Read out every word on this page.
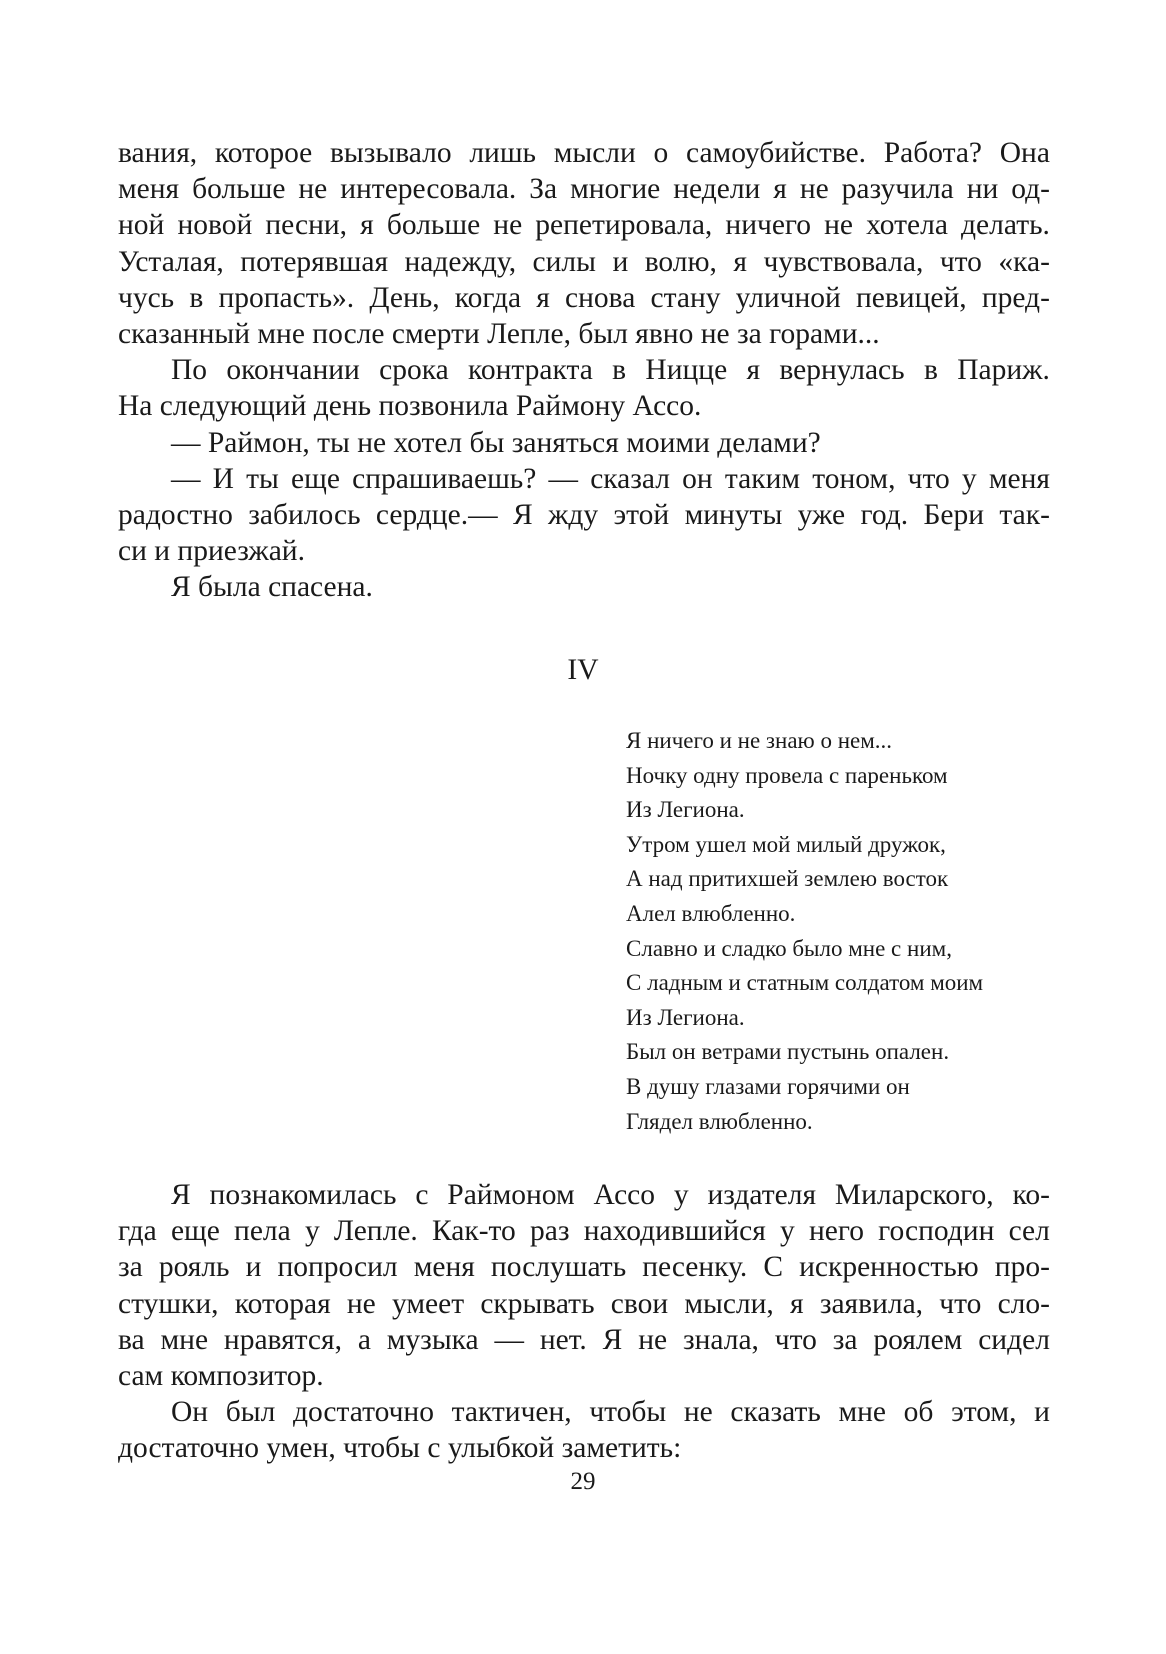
вания, которое вызывало лишь мысли о самоубийстве. Работа? Она
меня больше не интересовала. За многие недели я не разучила ни од-
ной новой песни, я больше не репетировала, ничего не хотела делать.
Усталая, потерявшая надежду, силы и волю, я чувствовала, что «ка-
чусь в пропасть». День, когда я снова стану уличной певицей, пред-
сказанный мне после смерти Лепле, был явно не за горами...
По окончании срока контракта в Ницце я вернулась в Париж.
На следующий день позвонила Раймону Ассо.
— Раймон, ты не хотел бы заняться моими делами?
— И ты еще спрашиваешь? — сказал он таким тоном, что у меня
радостно забилось сердце.— Я жду этой минуты уже год. Бери так-
си и приезжай.
Я была спасена.
IV
Я ничего и не знаю о нем...
Ночку одну провела с пареньком
Из Легиона.
Утром ушел мой милый дружок,
А над притихшей землею восток
Алел влюбленно.
Славно и сладко было мне с ним,
С ладным и статным солдатом моим
Из Легиона.
Был он ветрами пустынь опален.
В душу глазами горячими он
Глядел влюбленно.
Я познакомилась с Раймоном Ассо у издателя Миларского, ко-
гда еще пела у Лепле. Как-то раз находившийся у него господин сел
за рояль и попросил меня послушать песенку. С искренностью про-
стушки, которая не умеет скрывать свои мысли, я заявила, что сло-
ва мне нравятся, а музыка — нет. Я не знала, что за роялем сидел
сам композитор.
Он был достаточно тактичен, чтобы не сказать мне об этом, и
достаточно умен, чтобы с улыбкой заметить:
29
